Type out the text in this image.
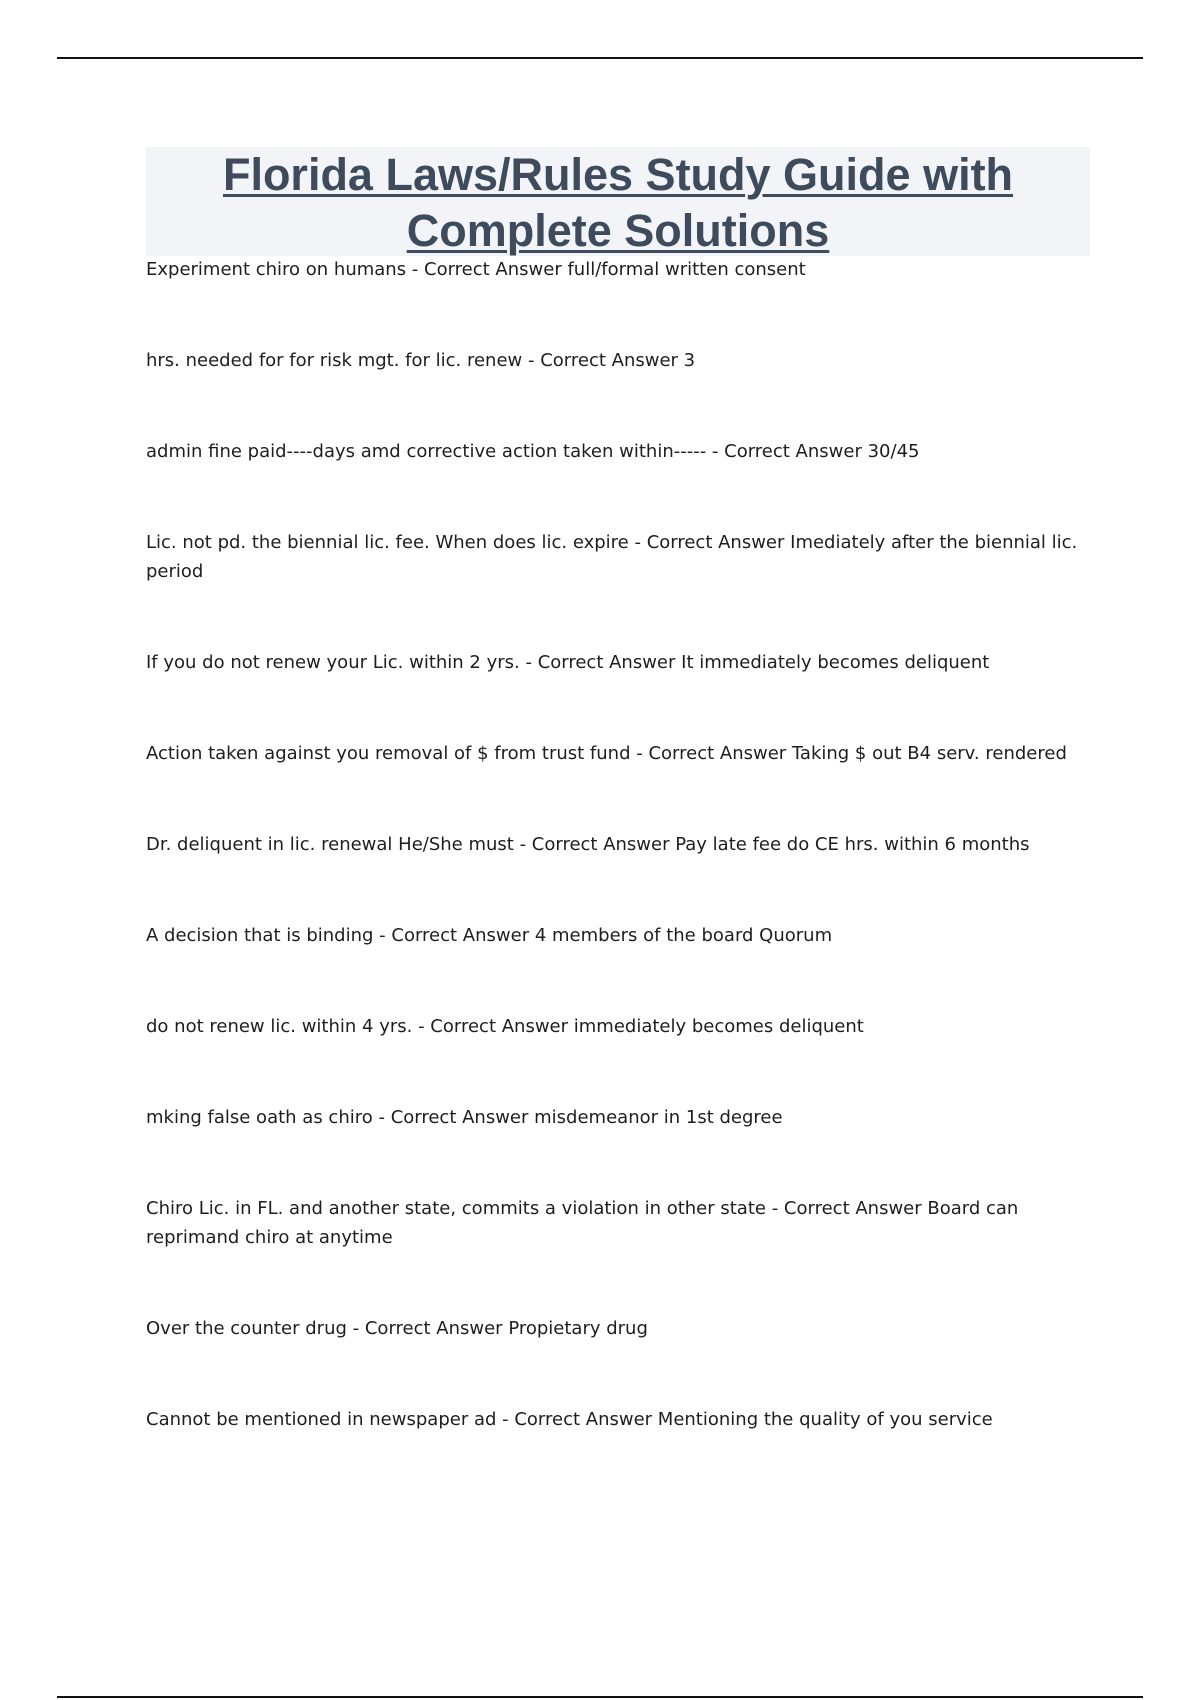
Florida Laws/Rules Study Guide with Complete Solutions

Experiment chiro on humans - Correct Answer full/formal written consent

hrs. needed for for risk mgt. for lic. renew - Correct Answer 3

admin fine paid----days amd corrective action taken within----- - Correct Answer 30/45

Lic. not pd. the biennial lic. fee. When does lic. expire - Correct Answer Imediately after the biennial lic. period

If you do not renew your Lic. within 2 yrs. - Correct Answer It immediately becomes deliquent

Action taken against you removal of $ from trust fund - Correct Answer Taking $ out B4 serv. rendered

Dr. deliquent in lic. renewal He/She must - Correct Answer Pay late fee do CE hrs. within 6 months

A decision that is binding - Correct Answer 4 members of the board Quorum

do not renew lic. within 4 yrs. - Correct Answer immediately becomes deliquent

mking false oath as chiro - Correct Answer misdemeanor in 1st degree

Chiro Lic. in FL. and another state, commits a violation in other state - Correct Answer Board can reprimand chiro at anytime

Over the counter drug - Correct Answer Propietary drug

Cannot be mentioned in newspaper ad - Correct Answer Mentioning the quality of you service
